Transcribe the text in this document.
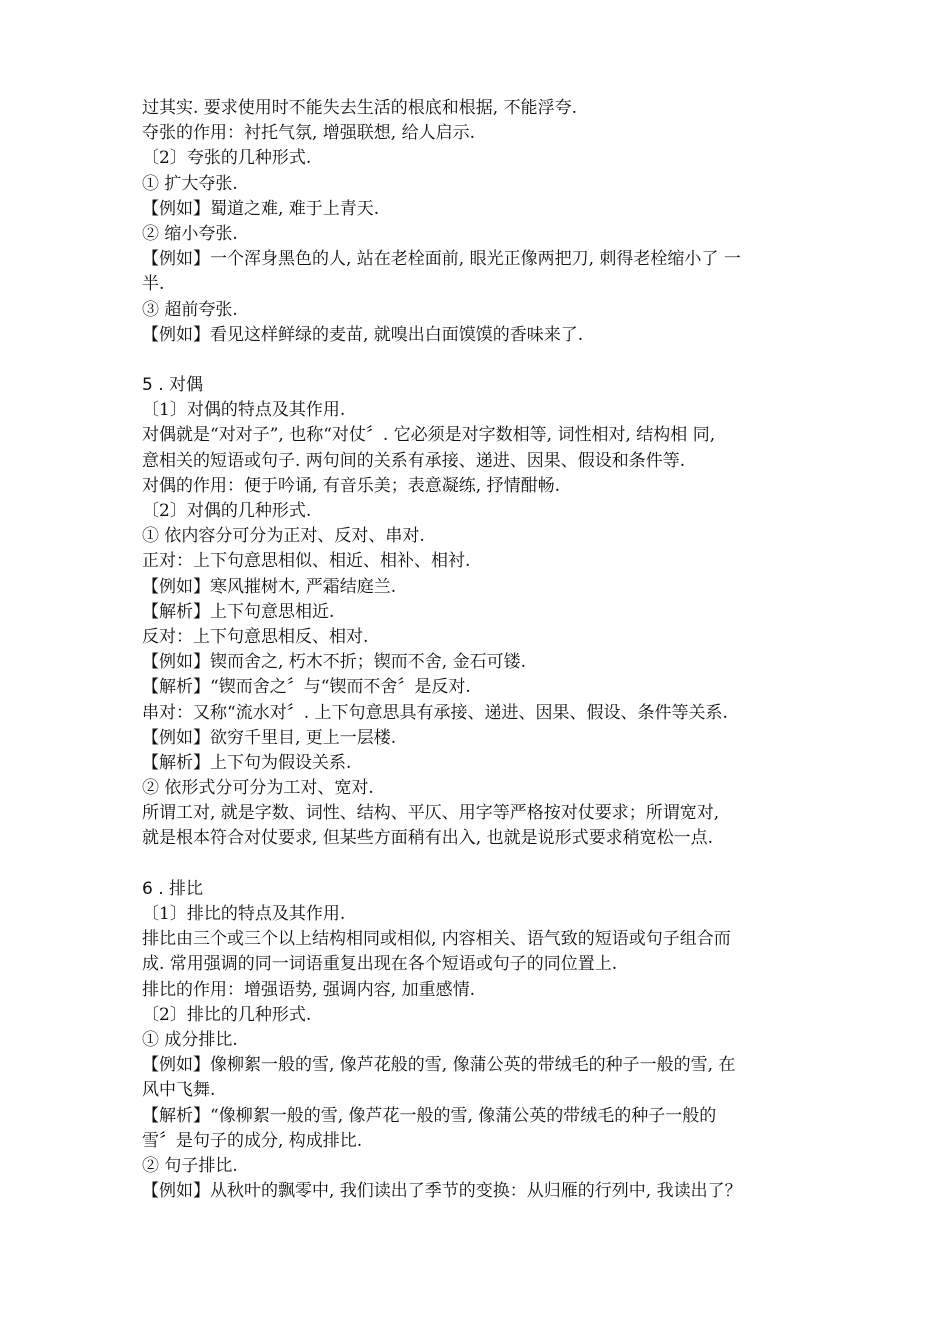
过其实. 要求使用时不能失去生活的根底和根据, 不能浮夸.
夺张的作用：衬托气氛, 增强联想, 给人启示.
〔2〕夸张的几种形式.
① 扩大夺张.
【例如】蜀道之难, 难于上青天.
② 缩小夸张.
【例如】一个浑身黑色的人, 站在老栓面前, 眼光正像两把刀, 刺得老栓缩小了 一
半.
③ 超前夸张.
【例如】看见这样鲜绿的麦苗, 就嗅出白面馍馍的香味来了.
5 . 对偶
〔1〕对偶的特点及其作用.
对偶就是“对对子”, 也称“对仗〞. 它必须是对字数相等, 词性相对, 结构相 同,
意相关的短语或句子. 两句间的关系有承接、递进、因果、假设和条件等.
对偶的作用：便于吟诵, 有音乐美；表意凝练, 抒情酣畅.
〔2〕对偶的几种形式.
① 依内容分可分为正对、反对、串对.
正对：上下句意思相似、相近、相补、相衬.
【例如】寒风摧树木, 严霜结庭兰.
【解析】上下句意思相近.
反对：上下句意思相反、相对.
【例如】锲而舍之, 朽木不折；锲而不舍, 金石可镂.
【解析】“锲而舍之〞与“锲而不舍〞是反对.
串对：又称“流水对〞. 上下句意思具有承接、递进、因果、假设、条件等关系.
【例如】欲穷千里目, 更上一层楼.
【解析】上下句为假设关系.
② 依形式分可分为工对、宽对.
所谓工对, 就是字数、词性、结构、平仄、用字等严格按对仗要求；所谓宽对,
就是根本符合对仗要求, 但某些方面稍有出入, 也就是说形式要求稍宽松一点.
6 . 排比
〔1〕排比的特点及其作用.
排比由三个或三个以上结构相同或相似, 内容相关、语气致的短语或句子组合而
成. 常用强调的同一词语重复出现在各个短语或句子的同位置上.
排比的作用：增强语势, 强调内容, 加重感情.
〔2〕排比的几种形式.
① 成分排比.
【例如】像柳絮一般的雪, 像芦花般的雪, 像蒲公英的带绒毛的种子一般的雪, 在
风中飞舞.
【解析】“像柳絮一般的雪, 像芦花一般的雪, 像蒲公英的带绒毛的种子一般的
雪〞是句子的成分, 构成排比.
② 句子排比.
【例如】从秋叶的飘零中, 我们读出了季节的变换：从归雁的行列中, 我读出了？
